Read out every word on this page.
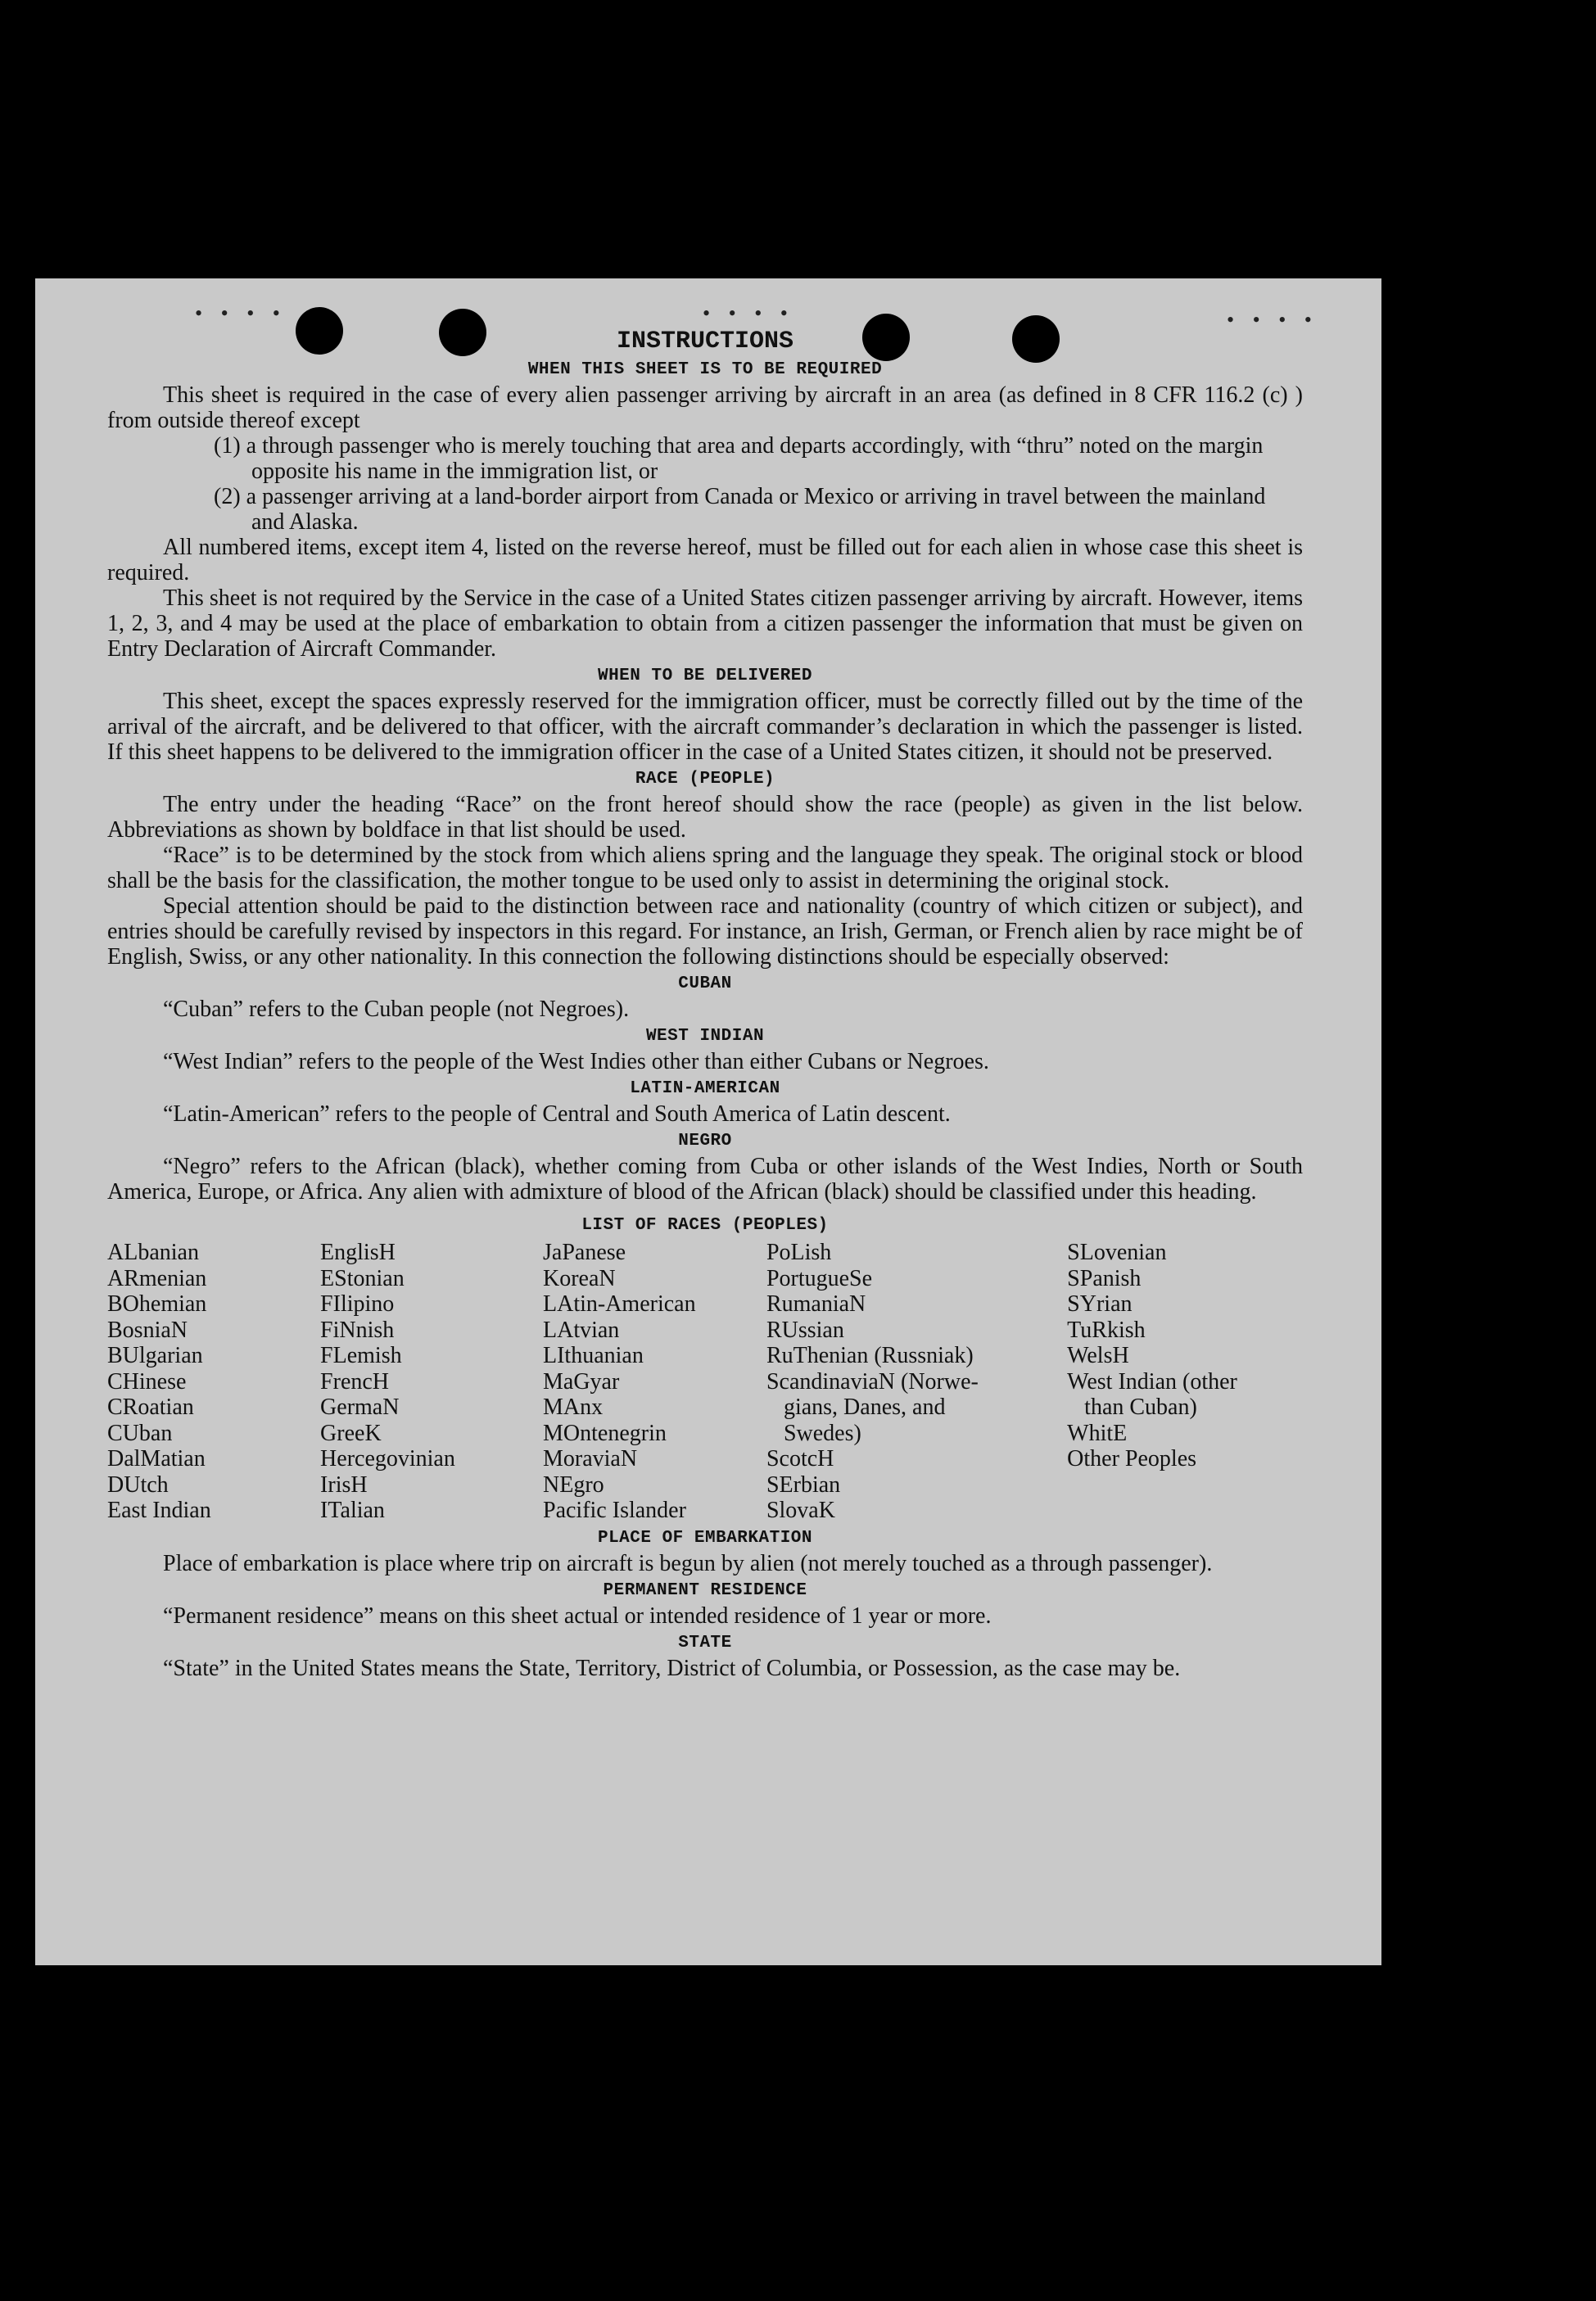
• • • •	• • • •	• • • •
INSTRUCTIONS
WHEN THIS SHEET IS TO BE REQUIRED

This sheet is required in the case of every alien passenger arriving by aircraft in an area (as defined in 8 CFR 116.2 (c) ) from outside thereof except

(1) a through passenger who is merely touching that area and departs accordingly, with “thru” noted on the margin opposite his name in the immigration list, or
(2) a passenger arriving at a land-border airport from Canada or Mexico or arriving in travel between the mainland and Alaska.

All numbered items, except item 4, listed on the reverse hereof, must be filled out for each alien in whose case this sheet is required.

This sheet is not required by the Service in the case of a United States citizen passenger arriving by aircraft. However, items 1, 2, 3, and 4 may be used at the place of embarkation to obtain from a citizen passenger the information that must be given on Entry Declaration of Aircraft Commander.

WHEN TO BE DELIVERED

This sheet, except the spaces expressly reserved for the immigration officer, must be correctly filled out by the time of the arrival of the aircraft, and be delivered to that officer, with the aircraft commander’s declaration in which the passenger is listed. If this sheet happens to be delivered to the immigration officer in the case of a United States citizen, it should not be preserved.

RACE (PEOPLE)

The entry under the heading “Race” on the front hereof should show the race (people) as given in the list below. Abbreviations as shown by boldface in that list should be used.

“Race” is to be determined by the stock from which aliens spring and the language they speak. The original stock or blood shall be the basis for the classification, the mother tongue to be used only to assist in determining the original stock.

Special attention should be paid to the distinction between race and nationality (country of which citizen or subject), and entries should be carefully revised by inspectors in this regard. For instance, an Irish, German, or French alien by race might be of English, Swiss, or any other nationality. In this connection the following distinctions should be especially observed:

CUBAN

“Cuban” refers to the Cuban people (not Negroes).

WEST INDIAN

“West Indian” refers to the people of the West Indies other than either Cubans or Negroes.

LATIN-AMERICAN

“Latin-American” refers to the people of Central and South America of Latin descent.

NEGRO

“Negro” refers to the African (black), whether coming from Cuba or other islands of the West Indies, North or South America, Europe, or Africa. Any alien with admixture of blood of the African (black) should be classified under this heading.

LIST OF RACES (PEOPLES)
ALbanian
ARmenian
BOhemian
BosniaN
BUlgarian
CHinese
CRoatian
CUban
DalMatian
DUtch
East Indian
EnglisH
EStonian
FIlipino
FiNnish
FLemish
FrencH
GermaN
GreeK
Hercegovinian
IrisH
ITalian
JaPanese
KoreaN
LAtin-American
LAtvian
LIthuanian
MaGyar
MAnx
MOntenegrin
MoraviaN
NEgro
Pacific Islander
PoLish
PortugueSe
RumaniaN
RUssian
RuThenian (Russniak)
ScandinaviaN (Norwe-
gians, Danes, and
Swedes)
ScotcH
SErbian
SlovaK
SLovenian
SPanish
SYrian
TuRkish
WelsH
West Indian (other
than Cuban)
WhitE
Other Peoples
PLACE OF EMBARKATION

Place of embarkation is place where trip on aircraft is begun by alien (not merely touched as a through passenger).

PERMANENT RESIDENCE

“Permanent residence” means on this sheet actual or intended residence of 1 year or more.

STATE

“State” in the United States means the State, Territory, District of Columbia, or Possession, as the case may be.
